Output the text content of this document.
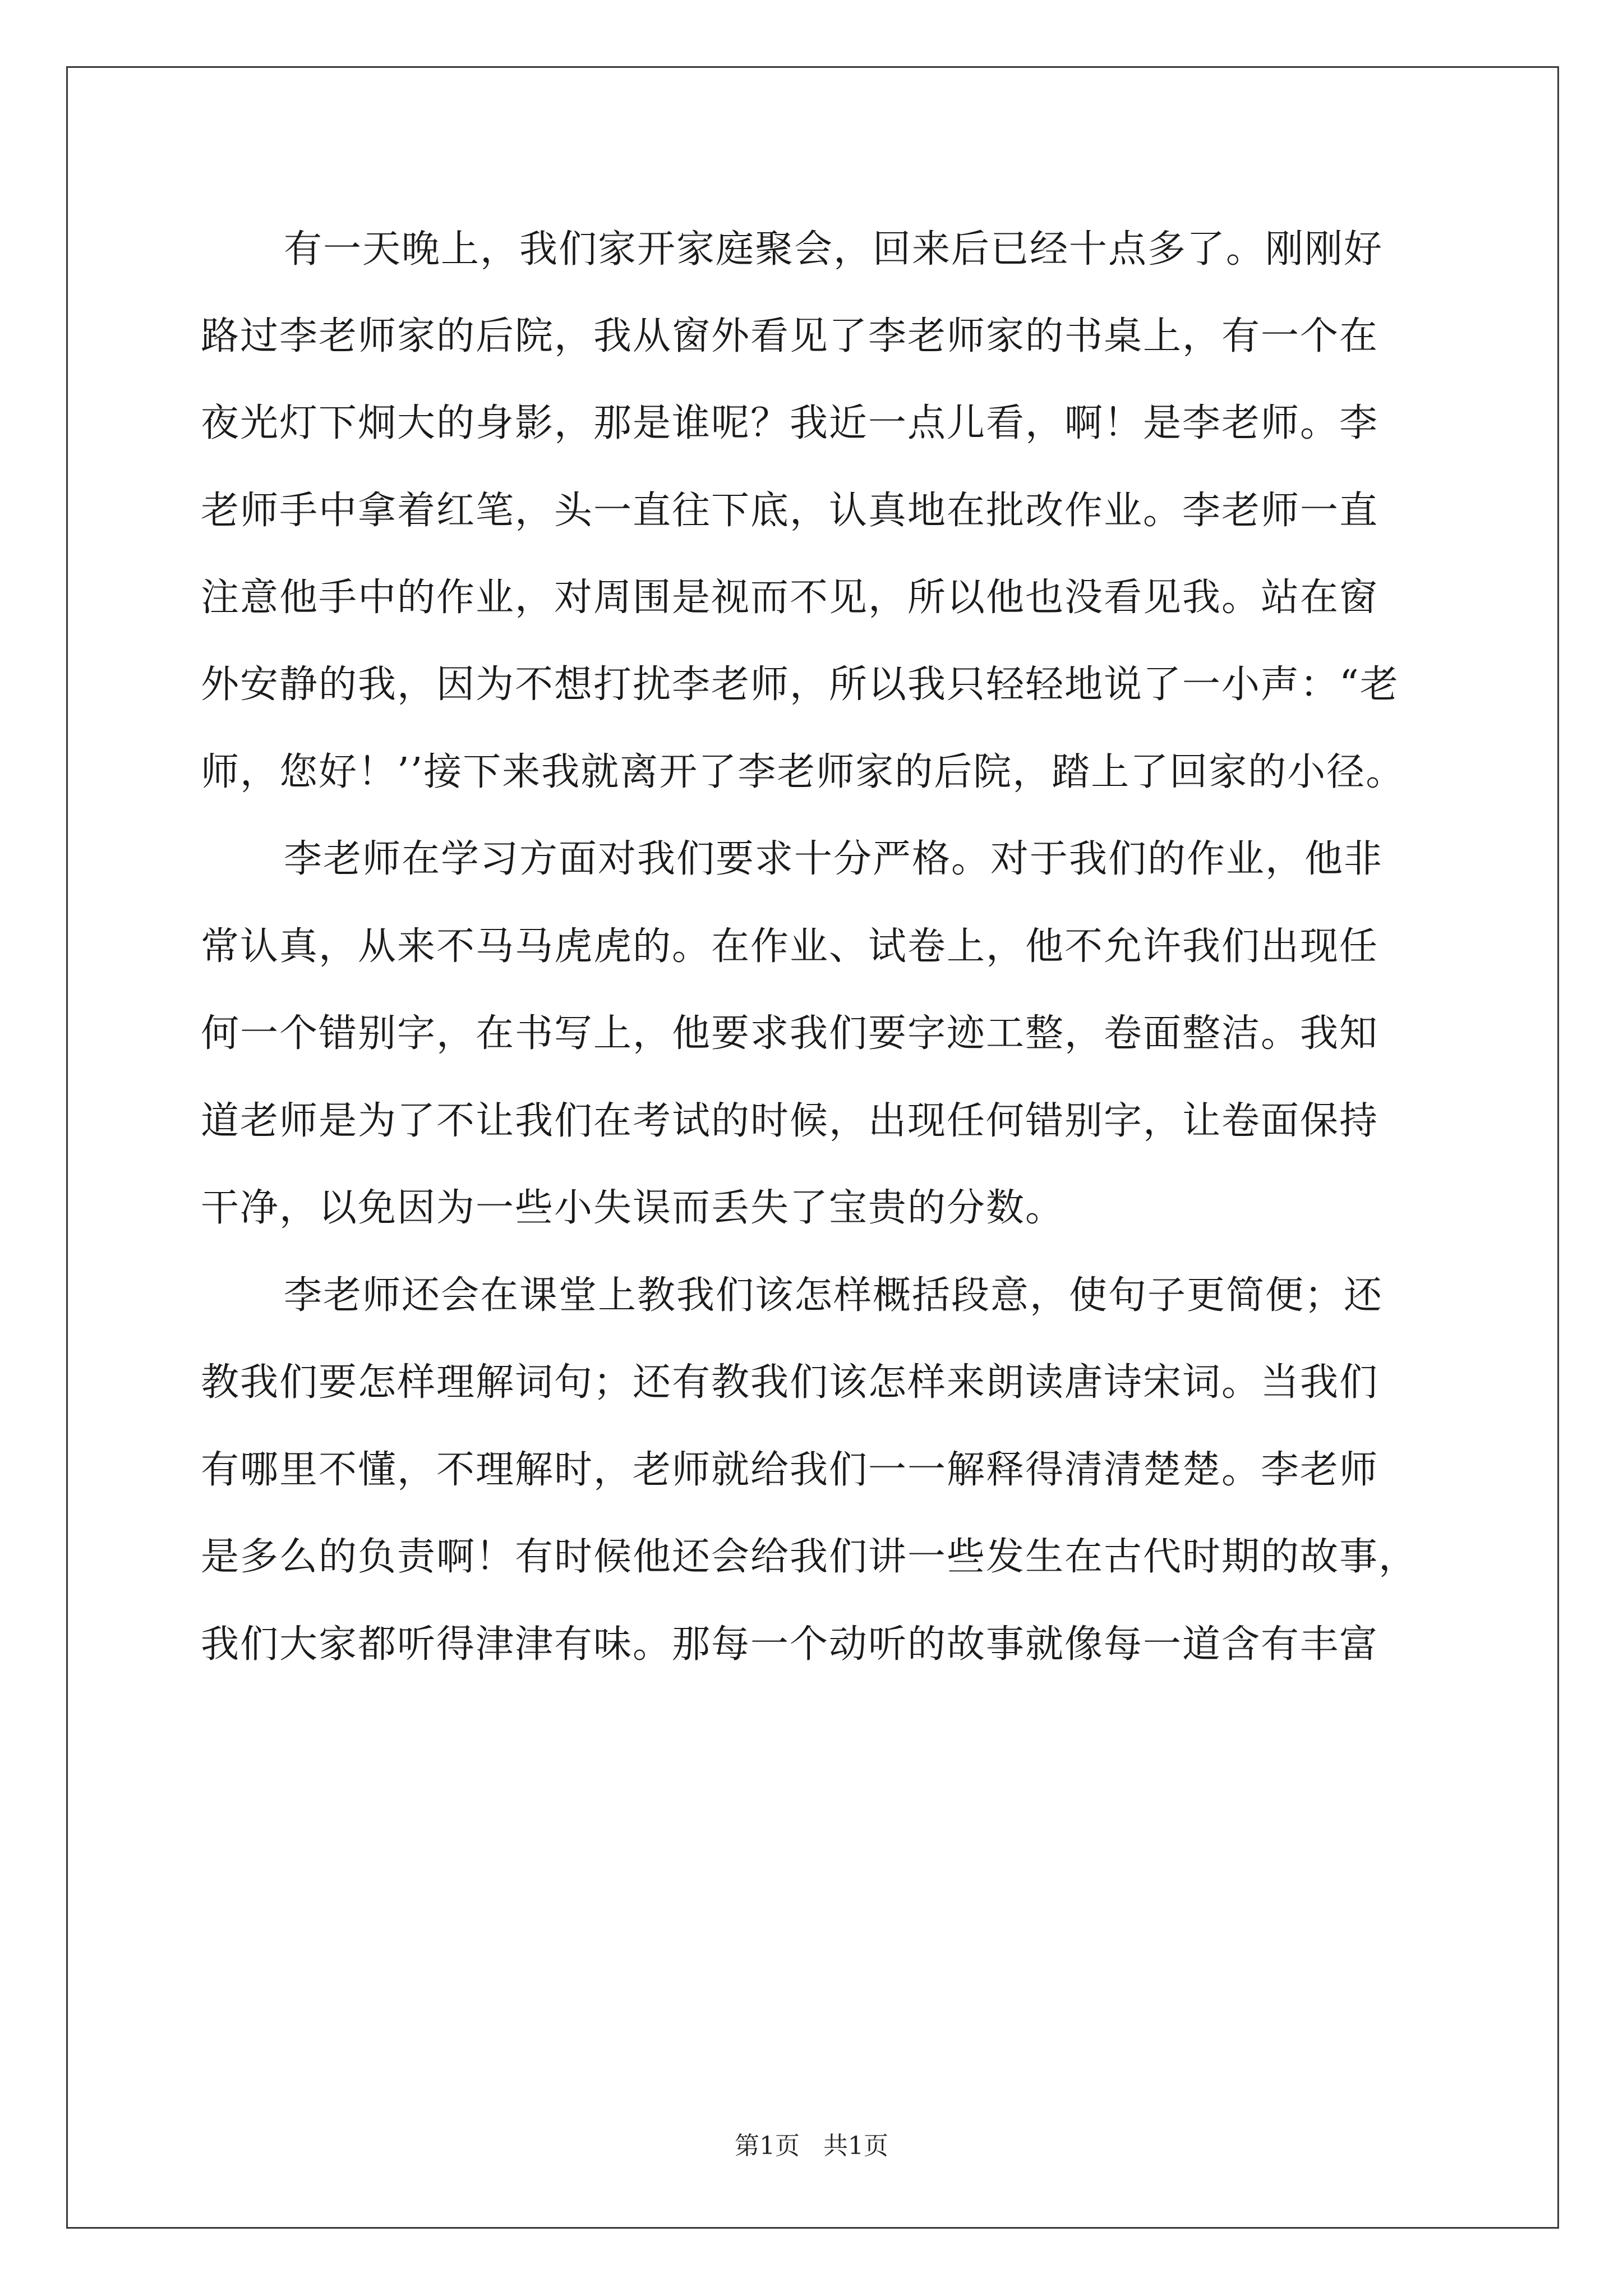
有一天晚上，我们家开家庭聚会，回来后已经十点多了。刚刚好
路过李老师家的后院，我从窗外看见了李老师家的书桌上，有一个在
夜光灯下炯大的身影，那是谁呢？我近一点儿看，啊！是李老师。李
老师手中拿着红笔，头一直往下底，认真地在批改作业。李老师一直
注意他手中的作业，对周围是视而不见，所以他也没看见我。站在窗
外安静的我，因为不想打扰李老师，所以我只轻轻地说了一小声：“老
师，您好！’’接下来我就离开了李老师家的后院，踏上了回家的小径。
李老师在学习方面对我们要求十分严格。对于我们的作业，他非
常认真，从来不马马虎虎的。在作业、试卷上，他不允许我们出现任
何一个错别字，在书写上，他要求我们要字迹工整，卷面整洁。我知
道老师是为了不让我们在考试的时候，出现任何错别字，让卷面保持
干净，以免因为一些小失误而丢失了宝贵的分数。
李老师还会在课堂上教我们该怎样概括段意，使句子更简便；还
教我们要怎样理解词句；还有教我们该怎样来朗读唐诗宋词。当我们
有哪里不懂，不理解时，老师就给我们一一解释得清清楚楚。李老师
是多么的负责啊！有时候他还会给我们讲一些发生在古代时期的故事，
我们大家都听得津津有味。那每一个动听的故事就像每一道含有丰富
第1页   共1页
